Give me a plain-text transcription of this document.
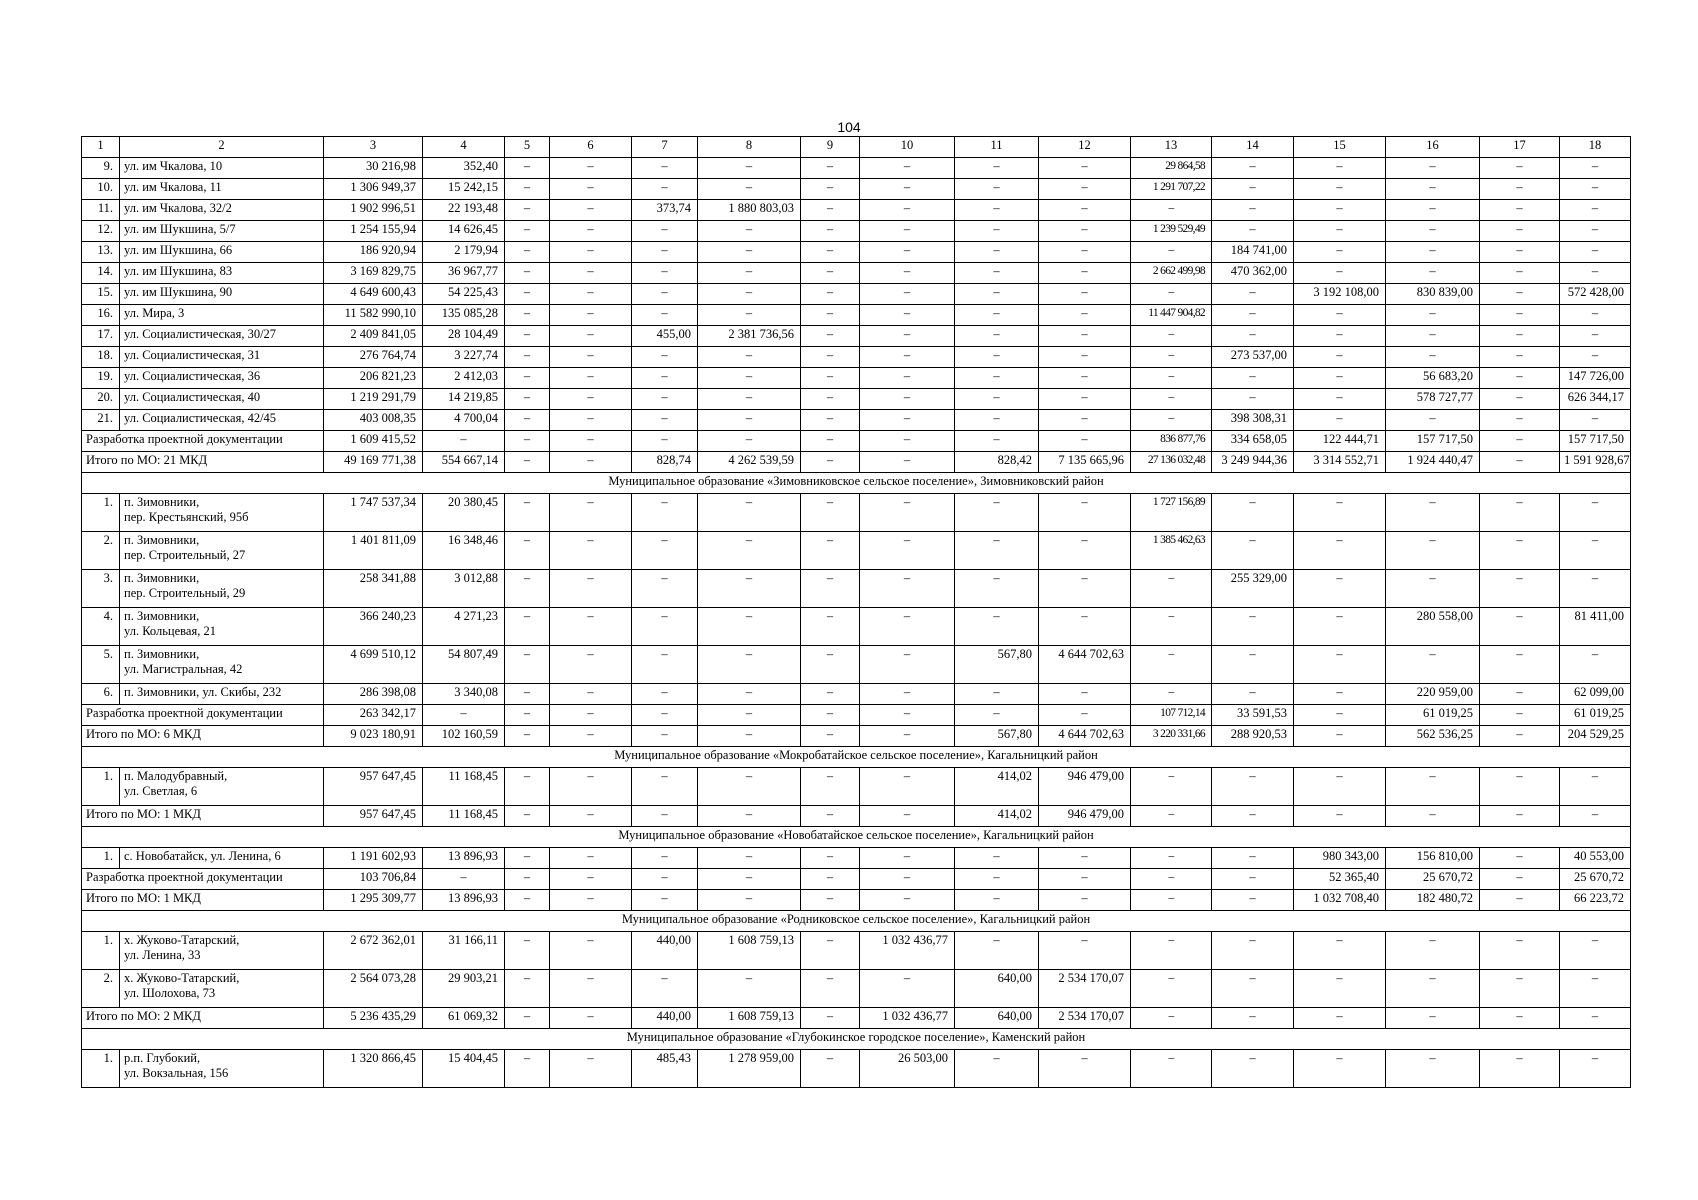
104
1	2	3	4	5	6	7	8	9	10	11	12	13	14	15	16	17	18
9.	ул. им Чкалова, 10	30 216,98	352,40	–	–	–	–	–	–	–	–	29 864,58	–	–	–	–	–
10.	ул. им Чкалова, 11	1 306 949,37	15 242,15	–	–	–	–	–	–	–	–	1 291 707,22	–	–	–	–	–
11.	ул. им Чкалова, 32/2	1 902 996,51	22 193,48	–	–	373,74	1 880 803,03	–	–	–	–	–	–	–	–	–	–
12.	ул. им Шукшина, 5/7	1 254 155,94	14 626,45	–	–	–	–	–	–	–	–	1 239 529,49	–	–	–	–	–
13.	ул. им Шукшина, 66	186 920,94	2 179,94	–	–	–	–	–	–	–	–	–	184 741,00	–	–	–	–
14.	ул. им Шукшина, 83	3 169 829,75	36 967,77	–	–	–	–	–	–	–	–	2 662 499,98	470 362,00	–	–	–	–
15.	ул. им Шукшина, 90	4 649 600,43	54 225,43	–	–	–	–	–	–	–	–	–	–	3 192 108,00	830 839,00	–	572 428,00
16.	ул. Мира, 3	11 582 990,10	135 085,28	–	–	–	–	–	–	–	–	11 447 904,82	–	–	–	–	–
17.	ул. Социалистическая, 30/27	2 409 841,05	28 104,49	–	–	455,00	2 381 736,56	–	–	–	–	–	–	–	–	–	–
18.	ул. Социалистическая, 31	276 764,74	3 227,74	–	–	–	–	–	–	–	–	–	273 537,00	–	–	–	–
19.	ул. Социалистическая, 36	206 821,23	2 412,03	–	–	–	–	–	–	–	–	–	–	–	56 683,20	–	147 726,00
20.	ул. Социалистическая, 40	1 219 291,79	14 219,85	–	–	–	–	–	–	–	–	–	–	–	578 727,77	–	626 344,17
21.	ул. Социалистическая, 42/45	403 008,35	4 700,04	–	–	–	–	–	–	–	–	–	398 308,31	–	–	–	–
Разработка проектной документации		1 609 415,52	–	–	–	–	–	–	–	–	–	836 877,76	334 658,05	122 444,71	157 717,50	–	157 717,50
Итого по МО: 21 МКД		49 169 771,38	554 667,14	–	–	828,74	4 262 539,59	–	–	828,42	7 135 665,96	27 136 032,48	3 249 944,36	3 314 552,71	1 924 440,47	–	1 591 928,67
Муниципальное образование «Зимовниковское сельское поселение», Зимовниковский район																	
1.	п. Зимовники,
пер. Крестьянский, 95б	1 747 537,34	20 380,45	–	–	–	–	–	–	–	–	1 727 156,89	–	–	–	–	–
2.	п. Зимовники,
пер. Строительный, 27	1 401 811,09	16 348,46	–	–	–	–	–	–	–	–	1 385 462,63	–	–	–	–	–
3.	п. Зимовники,
пер. Строительный, 29	258 341,88	3 012,88	–	–	–	–	–	–	–	–	–	255 329,00	–	–	–	–
4.	п. Зимовники,
ул. Кольцевая, 21	366 240,23	4 271,23	–	–	–	–	–	–	–	–	–	–	–	280 558,00	–	81 411,00
5.	п. Зимовники,
ул. Магистральная, 42	4 699 510,12	54 807,49	–	–	–	–	–	–	567,80	4 644 702,63	–	–	–	–	–	–
6.	п. Зимовники, ул. Скибы, 232	286 398,08	3 340,08	–	–	–	–	–	–	–	–	–	–	–	220 959,00	–	62 099,00
Разработка проектной документации		263 342,17	–	–	–	–	–	–	–	–	–	107 712,14	33 591,53	–	61 019,25	–	61 019,25
Итого по МО: 6 МКД		9 023 180,91	102 160,59	–	–	–	–	–	–	567,80	4 644 702,63	3 220 331,66	288 920,53	–	562 536,25	–	204 529,25
Муниципальное образование «Мокробатайское сельское поселение», Кагальницкий район																	
1.	п. Малодубравный,
ул. Светлая, 6	957 647,45	11 168,45	–	–	–	–	–	–	414,02	946 479,00	–	–	–	–	–	–
Итого по МО: 1 МКД		957 647,45	11 168,45	–	–	–	–	–	–	414,02	946 479,00	–	–	–	–	–	–
Муниципальное образование «Новобатайское сельское поселение», Кагальницкий район																	
1.	с. Новобатайск, ул. Ленина, 6	1 191 602,93	13 896,93	–	–	–	–	–	–	–	–	–	–	980 343,00	156 810,00	–	40 553,00
Разработка проектной документации		103 706,84	–	–	–	–	–	–	–	–	–	–	–	52 365,40	25 670,72	–	25 670,72
Итого по МО: 1 МКД		1 295 309,77	13 896,93	–	–	–	–	–	–	–	–	–	–	1 032 708,40	182 480,72	–	66 223,72
Муниципальное образование «Родниковское сельское поселение», Кагальницкий район																	
1.	х. Жуково-Татарский,
ул. Ленина, 33	2 672 362,01	31 166,11	–	–	440,00	1 608 759,13	–	1 032 436,77	–	–	–	–	–	–	–	–
2.	х. Жуково-Татарский,
ул. Шолохова, 73	2 564 073,28	29 903,21	–	–	–	–	–	–	640,00	2 534 170,07	–	–	–	–	–	–
Итого по МО: 2 МКД		5 236 435,29	61 069,32	–	–	440,00	1 608 759,13	–	1 032 436,77	640,00	2 534 170,07	–	–	–	–	–	–
Муниципальное образование «Глубокинское городское поселение», Каменский район																	
1.	р.п. Глубокий,
ул. Вокзальная, 156	1 320 866,45	15 404,45	–	–	485,43	1 278 959,00	–	26 503,00	–	–	–	–	–	–	–	–
